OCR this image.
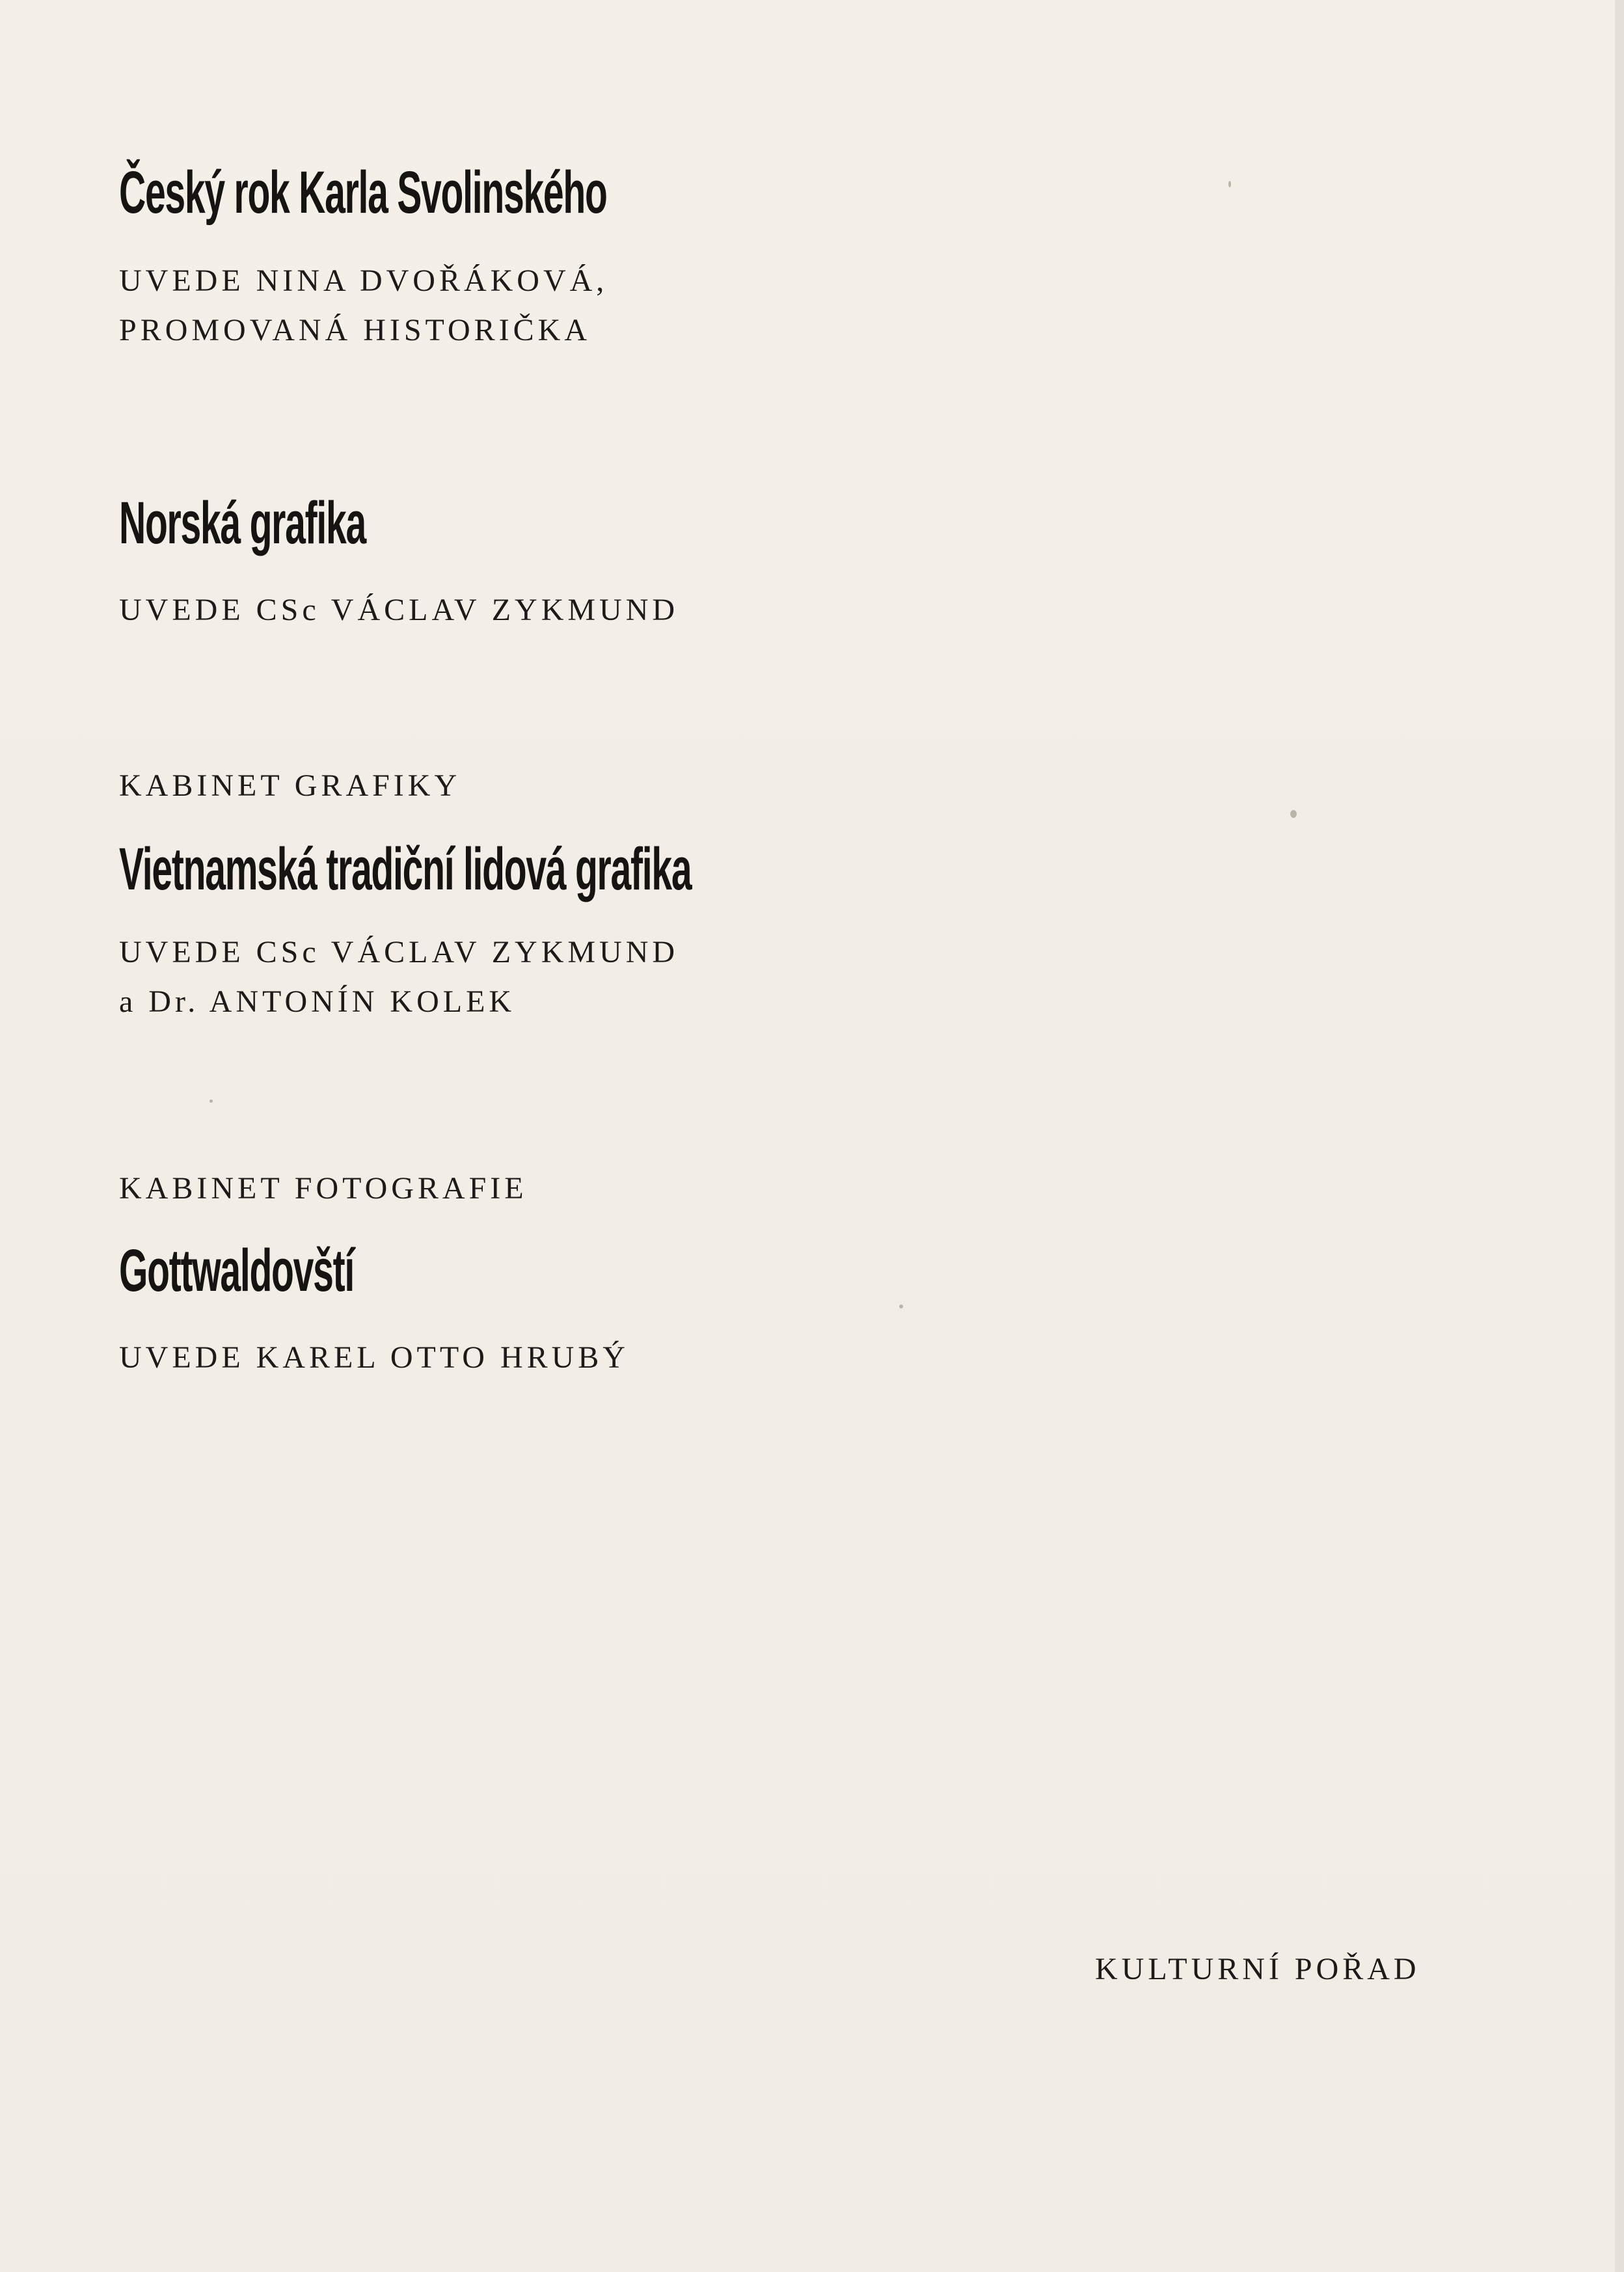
Český rok Karla Svolinského

UVEDE NINA DVOŘÁKOVÁ,

PROMOVANÁ HISTORIČKA

Norská grafika

UVEDE CSc VÁCLAV ZYKMUND

KABINET GRAFIKY

Vietnamská tradiční lidová grafika

UVEDE CSc VÁCLAV ZYKMUND

a Dr. ANTONÍN KOLEK

KABINET FOTOGRAFIE

Gottwaldovští

UVEDE KAREL OTTO HRUBÝ

KULTURNÍ POŘAD
